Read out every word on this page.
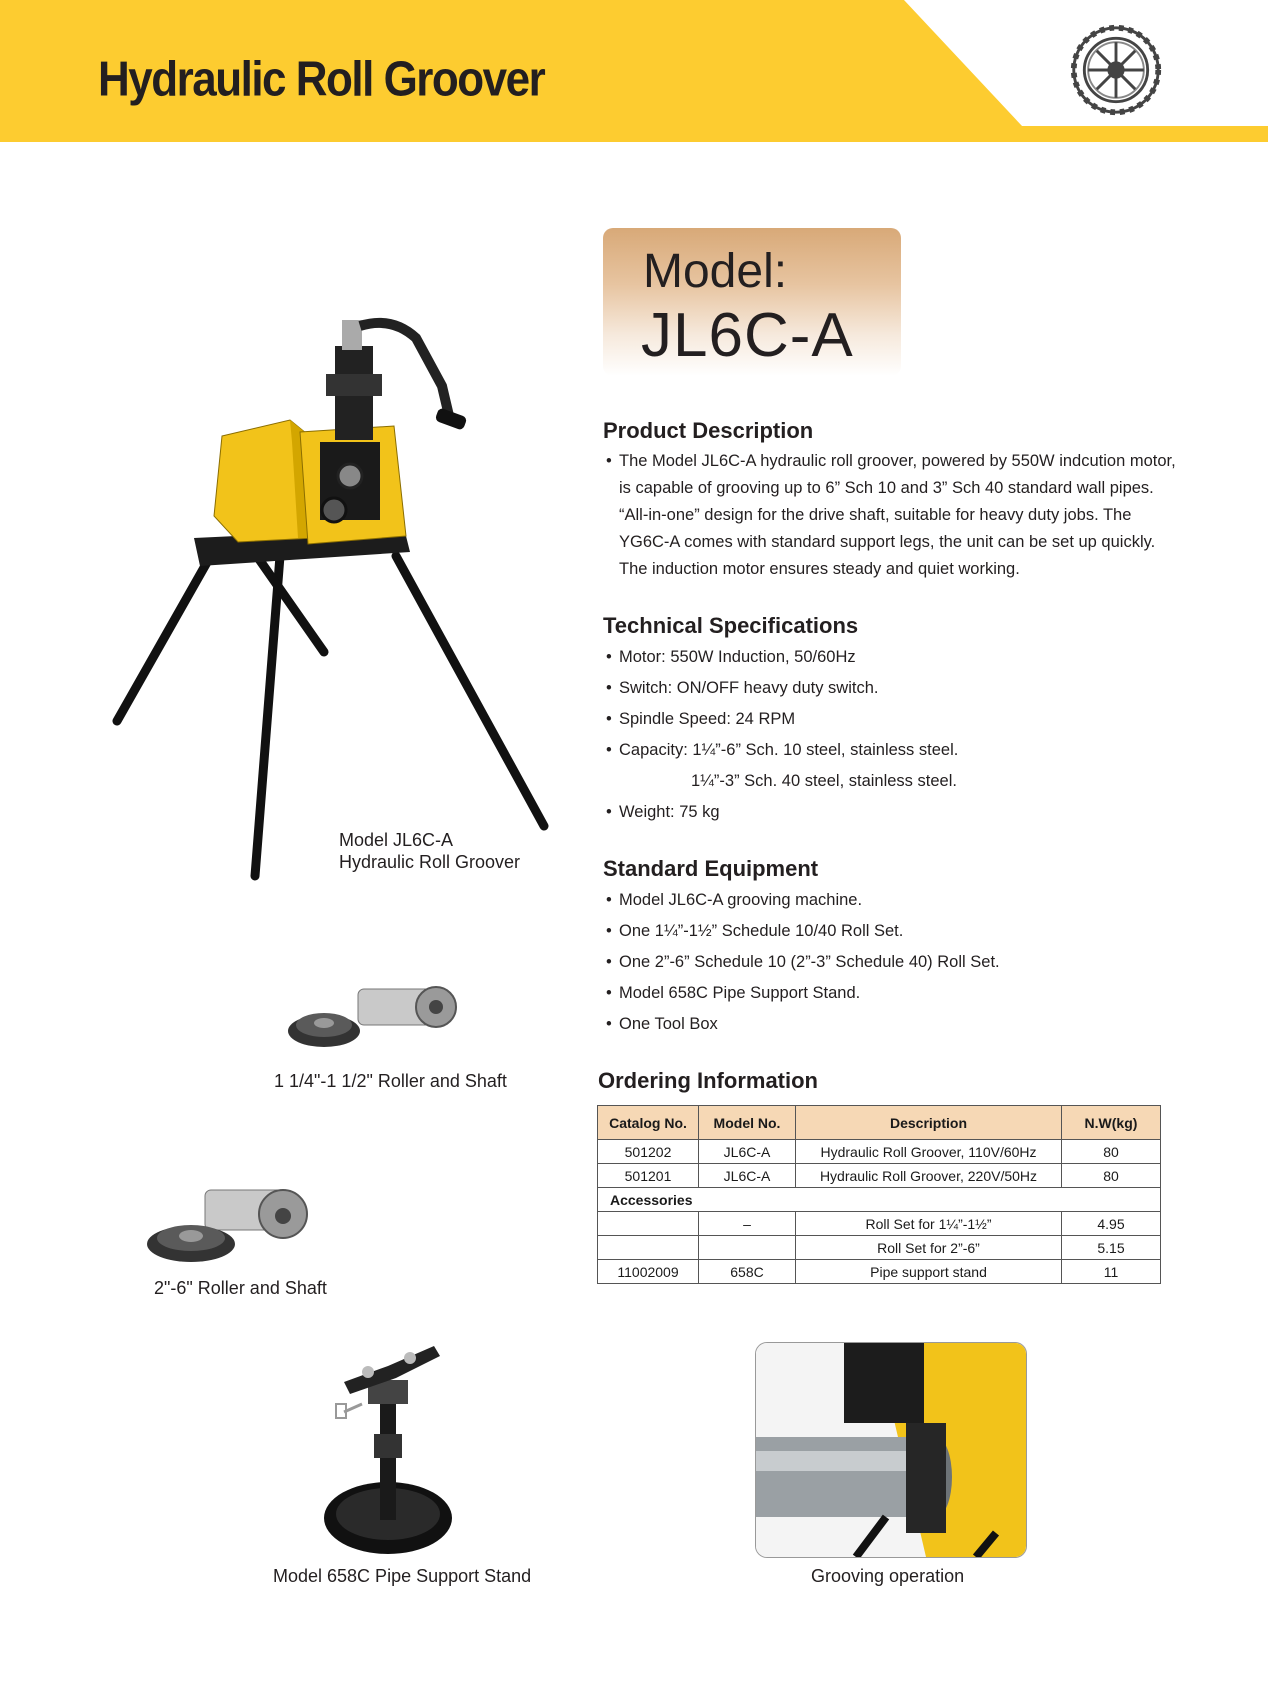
Hydraulic Roll Groover
Model JL6C-A
Hydraulic Roll Groover
1 1/4"-1 1/2" Roller and Shaft
2"-6" Roller and Shaft
Model 658C Pipe Support Stand	Grooving operation
Model:
JL6C-A
Product Description
• The Model JL6C-A hydraulic roll groover, powered by 550W indcution motor,
is capable of grooving up to 6” Sch 10 and 3” Sch 40 standard wall pipes.
“All-in-one” design for the drive shaft, suitable for heavy duty jobs. The
YG6C-A comes with standard support legs, the unit can be set up quickly.
The induction motor ensures steady and quiet working.
Technical Specifications
• Motor: 550W Induction, 50/60Hz
• Switch: ON/OFF heavy duty switch.
• Spindle Speed: 24 RPM
• Capacity: 1¼”-6” Sch. 10 steel, stainless steel.
1¼”-3” Sch. 40 steel, stainless steel.
• Weight: 75 kg
Standard Equipment
• Model JL6C-A grooving machine.
• One 1¼”-1½” Schedule 10/40 Roll Set.
• One 2”-6” Schedule 10 (2”-3” Schedule 40) Roll Set.
• Model 658C Pipe Support Stand.
• One Tool Box
Ordering Information
Catalog No.	Model No.	Description	N.W(kg)
501202	JL6C-A	Hydraulic Roll Groover, 110V/60Hz	80
501201	JL6C-A	Hydraulic Roll Groover, 220V/50Hz	80
Accessories			
	–	Roll Set for 1¼”-1½”	4.95
		Roll Set for 2”-6”	5.15
11002009	658C	Pipe support stand	11
